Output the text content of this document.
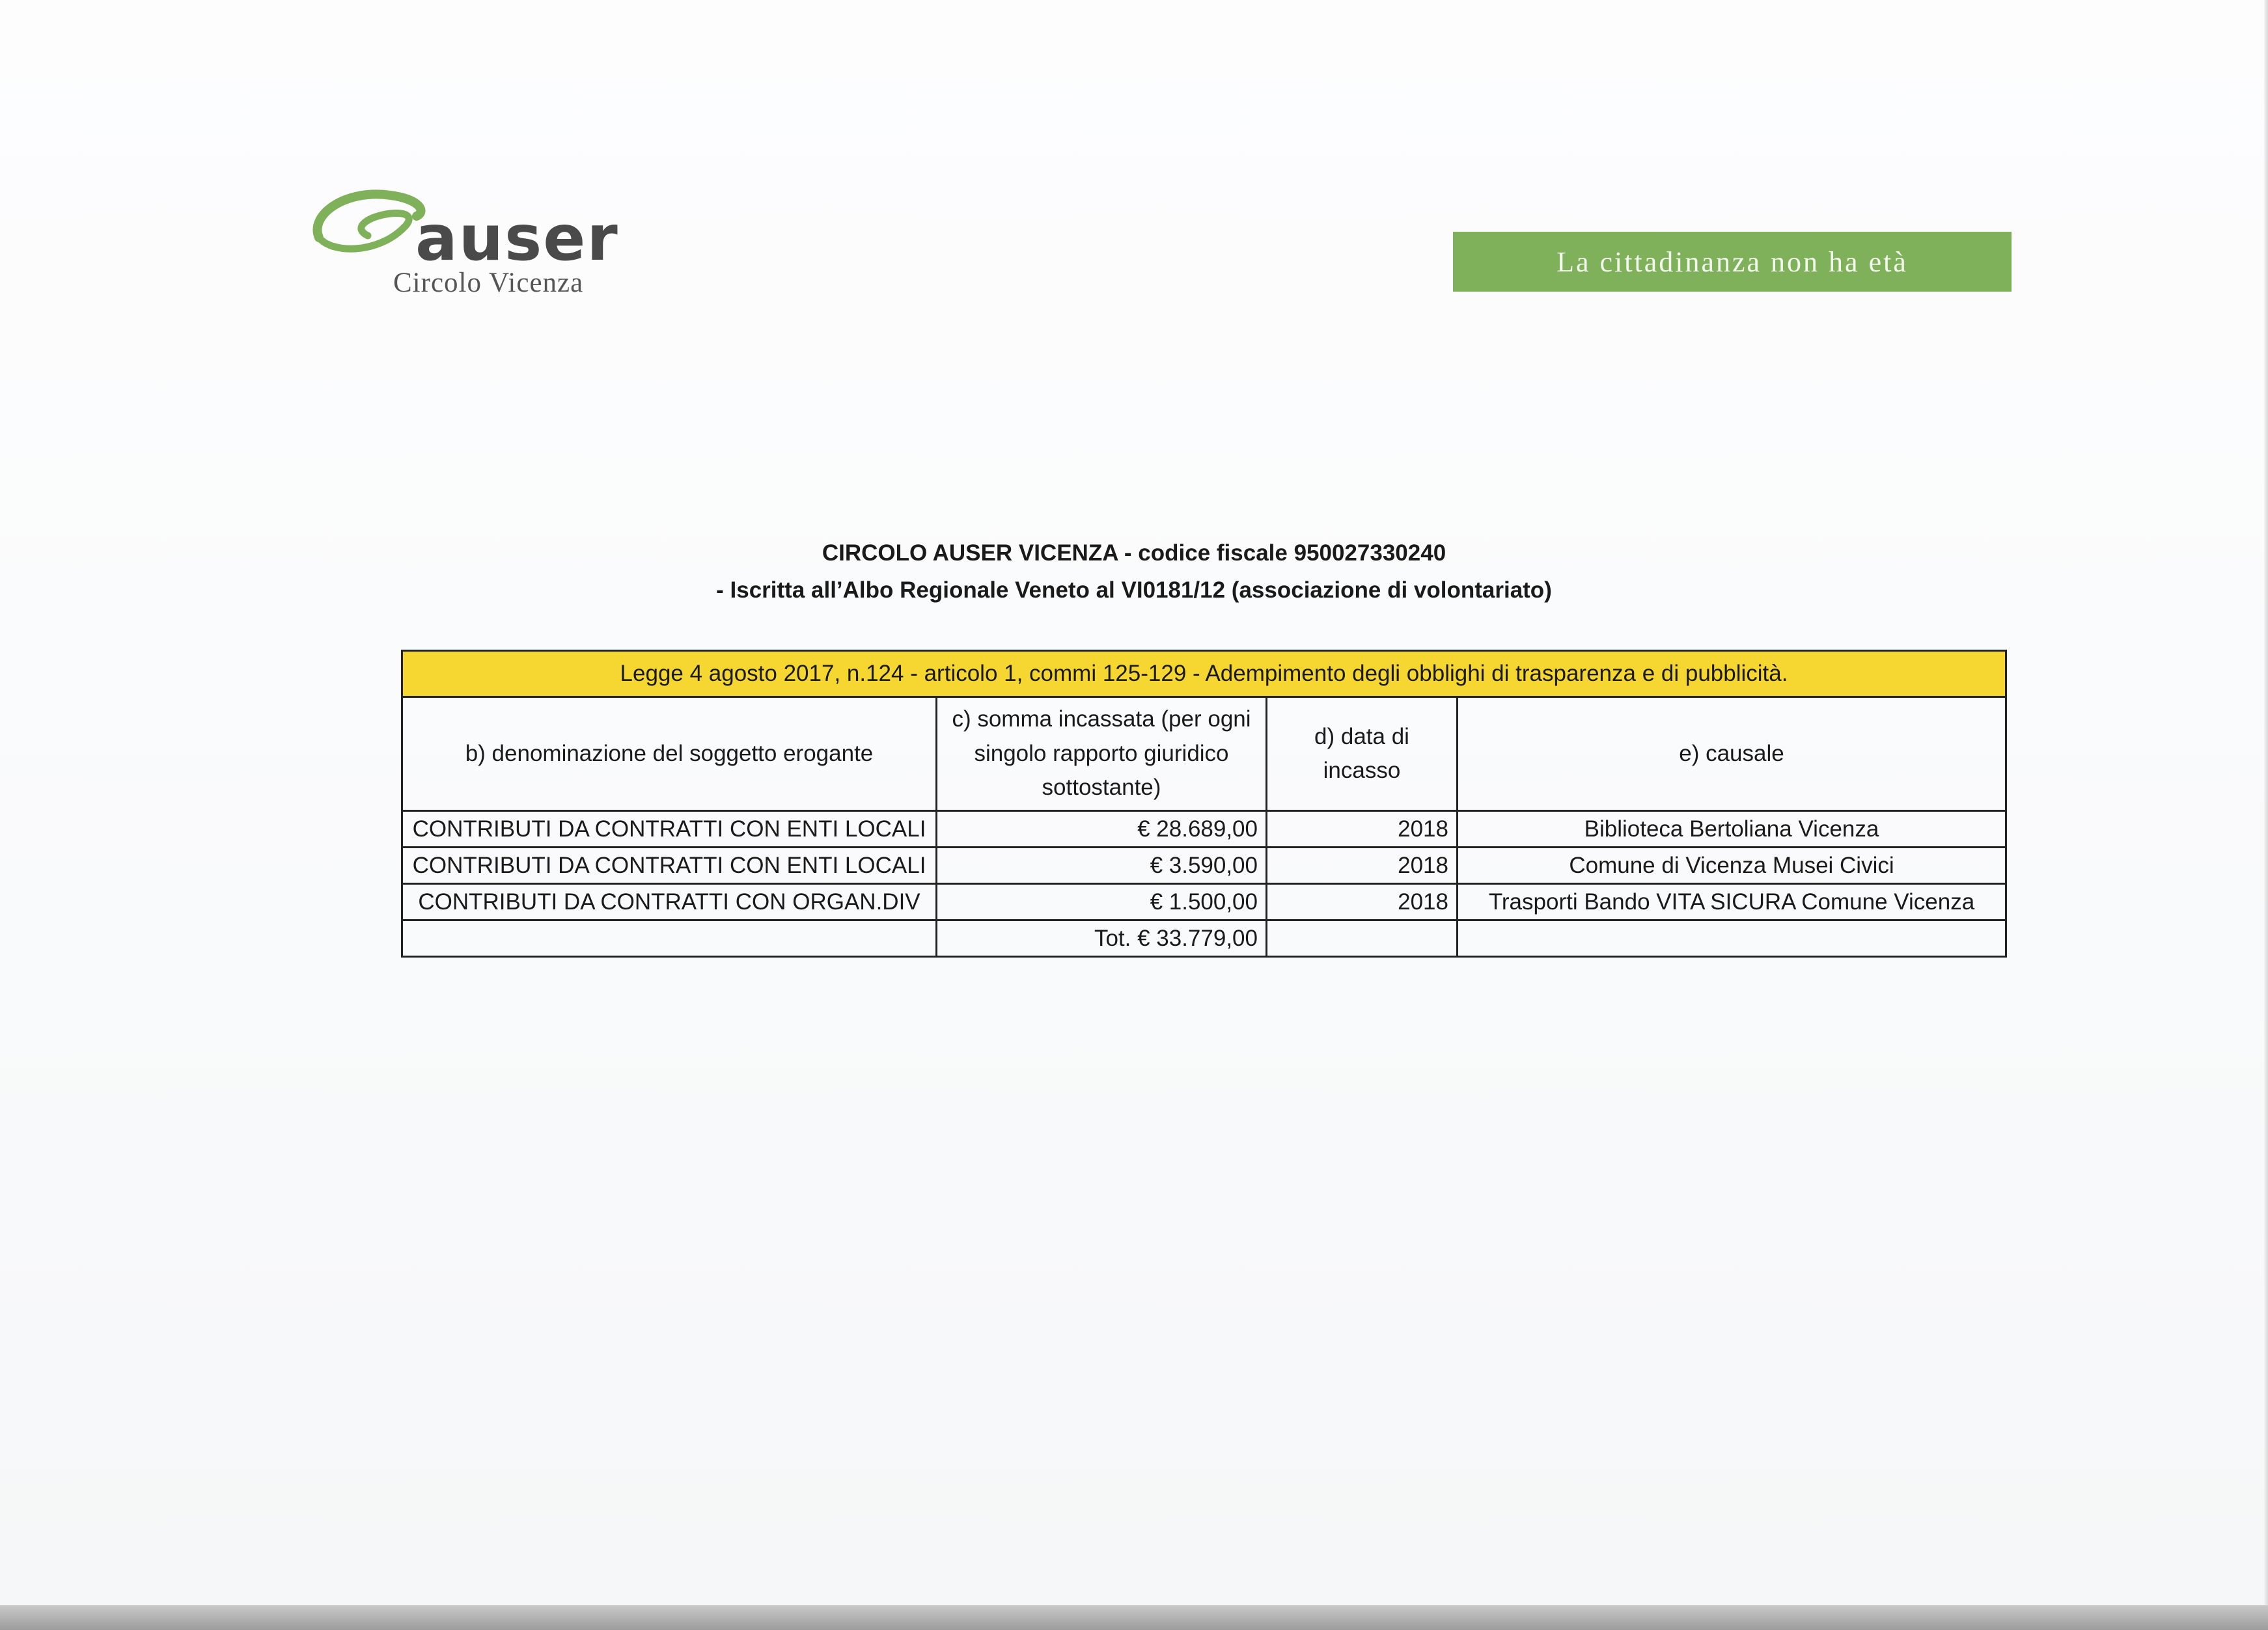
auser
Circolo Vicenza
La cittadinanza non ha età
CIRCOLO AUSER VICENZA - codice fiscale 950027330240
- Iscritta all’Albo Regionale Veneto al VI0181/12 (associazione di volontariato)
Legge 4 agosto 2017, n.124 - articolo 1, commi 125-129 - Adempimento degli obblighi di trasparenza e di pubblicità.			
b) denominazione del soggetto erogante	c) somma incassata (per ogni singolo rapporto giuridico sottostante)	d) data di incasso	e) causale
CONTRIBUTI DA CONTRATTI CON ENTI LOCALI	€ 28.689,00	2018	Biblioteca Bertoliana Vicenza
CONTRIBUTI DA CONTRATTI CON ENTI LOCALI	€ 3.590,00	2018	Comune di Vicenza Musei Civici
CONTRIBUTI DA CONTRATTI CON ORGAN.DIV	€ 1.500,00	2018	Trasporti Bando VITA SICURA Comune Vicenza
	Tot. € 33.779,00		
